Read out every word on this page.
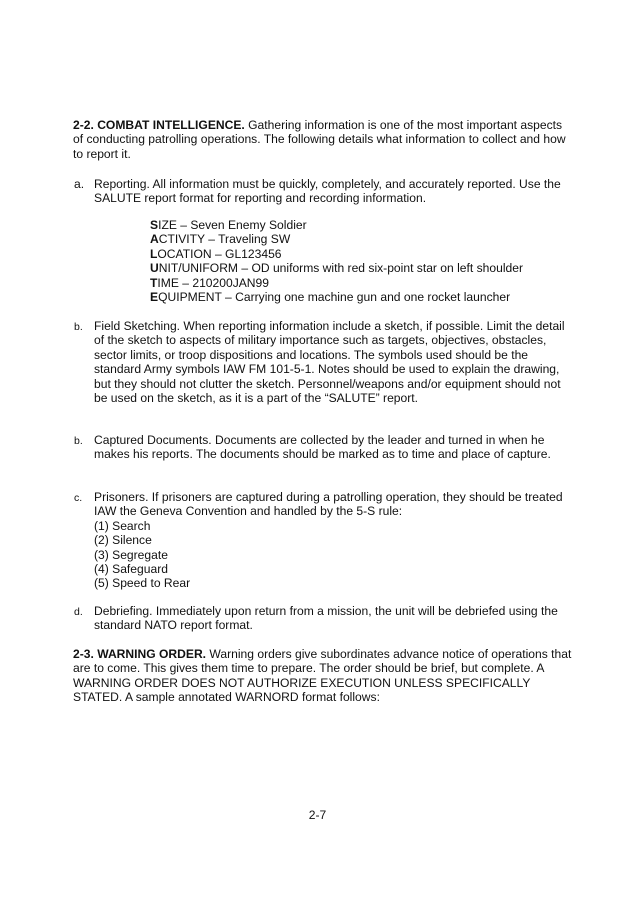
2-2. COMBAT INTELLIGENCE. Gathering information is one of the most important aspects of conducting patrolling operations. The following details what information to collect and how to report it.
a. Reporting. All information must be quickly, completely, and accurately reported. Use the SALUTE report format for reporting and recording information.
SIZE – Seven Enemy Soldier
ACTIVITY – Traveling SW
LOCATION – GL123456
UNIT/UNIFORM – OD uniforms with red six-point star on left shoulder
TIME – 210200JAN99
EQUIPMENT – Carrying one machine gun and one rocket launcher
b. Field Sketching. When reporting information include a sketch, if possible. Limit the detail of the sketch to aspects of military importance such as targets, objectives, obstacles, sector limits, or troop dispositions and locations. The symbols used should be the standard Army symbols IAW FM 101-5-1. Notes should be used to explain the drawing, but they should not clutter the sketch. Personnel/weapons and/or equipment should not be used on the sketch, as it is a part of the “SALUTE” report.
b. Captured Documents. Documents are collected by the leader and turned in when he makes his reports. The documents should be marked as to time and place of capture.
c. Prisoners. If prisoners are captured during a patrolling operation, they should be treated IAW the Geneva Convention and handled by the 5-S rule:
(1) Search
(2) Silence
(3) Segregate
(4) Safeguard
(5) Speed to Rear
d. Debriefing. Immediately upon return from a mission, the unit will be debriefed using the standard NATO report format.
2-3. WARNING ORDER. Warning orders give subordinates advance notice of operations that are to come. This gives them time to prepare. The order should be brief, but complete. A WARNING ORDER DOES NOT AUTHORIZE EXECUTION UNLESS SPECIFICALLY STATED. A sample annotated WARNORD format follows:
2-7
